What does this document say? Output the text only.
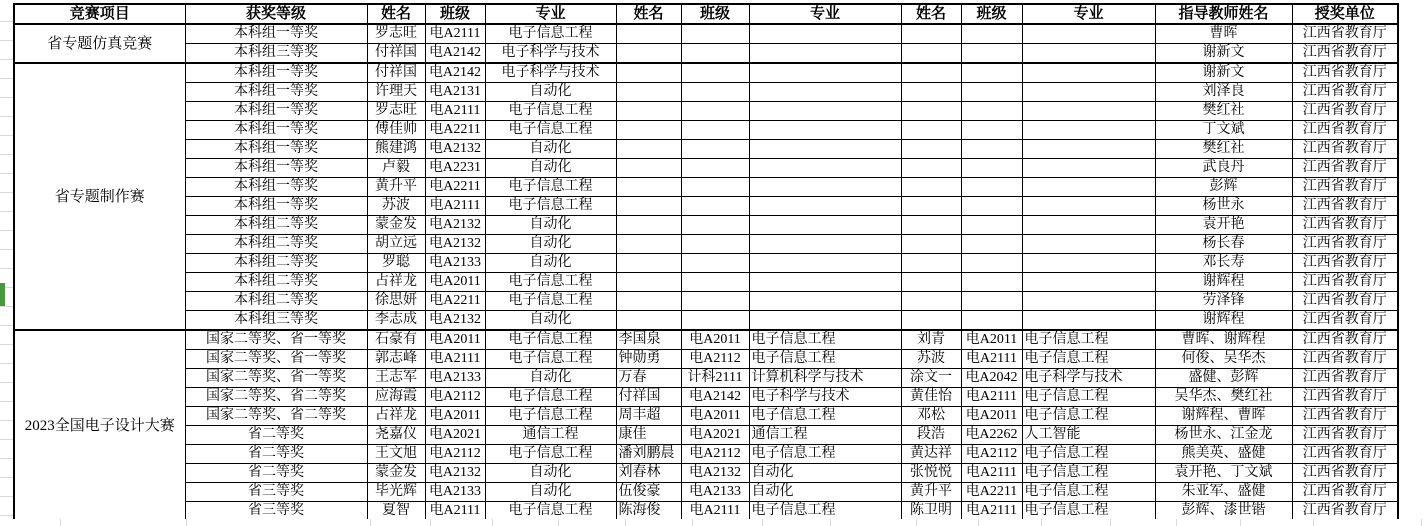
竞赛项目	获奖等级	姓名	班级	专业	姓名	班级	专业	姓名	班级	专业	指导教师姓名	授奖单位
省专题仿真竞赛	本科组一等奖	罗志旺	电A2111	电子信息工程							曹晖	江西省教育厅
	本科组三等奖	付祥国	电A2142	电子科学与技术							谢新文	江西省教育厅
省专题制作赛	本科组一等奖	付祥国	电A2142	电子科学与技术							谢新文	江西省教育厅
	本科组一等奖	许理天	电A2131	自动化							刘泽良	江西省教育厅
	本科组一等奖	罗志旺	电A2111	电子信息工程							樊红社	江西省教育厅
	本科组一等奖	傅佳帅	电A2211	电子信息工程							丁文斌	江西省教育厅
	本科组一等奖	熊建鸿	电A2132	自动化							樊红社	江西省教育厅
	本科组一等奖	卢毅	电A2231	自动化							武良丹	江西省教育厅
	本科组一等奖	黄升平	电A2211	电子信息工程							彭辉	江西省教育厅
	本科组一等奖	苏波	电A2111	电子信息工程							杨世永	江西省教育厅
	本科组二等奖	蒙金发	电A2132	自动化							袁开艳	江西省教育厅
	本科组二等奖	胡立远	电A2132	自动化							杨长春	江西省教育厅
	本科组二等奖	罗聪	电A2133	自动化							邓长寿	江西省教育厅
	本科组二等奖	占祥龙	电A2011	电子信息工程							谢辉程	江西省教育厅
	本科组二等奖	徐思妍	电A2211	电子信息工程							劳泽锋	江西省教育厅
	本科组三等奖	李志成	电A2132	自动化							谢辉程	江西省教育厅
2023全国电子设计大赛	国家二等奖、省一等奖	石豪有	电A2011	电子信息工程	李国泉	电A2011	电子信息工程	刘青	电A2011	电子信息工程	曹晖、谢辉程	江西省教育厅
	国家二等奖、省一等奖	郭志峰	电A2111	电子信息工程	钟勋勇	电A2112	电子信息工程	苏波	电A2111	电子信息工程	何俊、吴华杰	江西省教育厅
	国家二等奖、省一等奖	王志军	电A2133	自动化	万春	计科2111	计算机科学与技术	涂文一	电A2042	电子科学与技术	盛健、彭辉	江西省教育厅
	国家二等奖、省二等奖	应海霞	电A2112	电子信息工程	付祥国	电A2142	电子科学与技术	黄佳怡	电A2111	电子信息工程	吴华杰、樊红社	江西省教育厅
	国家二等奖、省二等奖	占祥龙	电A2011	电子信息工程	周丰超	电A2011	电子信息工程	邓松	电A2011	电子信息工程	谢辉程、曹晖	江西省教育厅
	省二等奖	尧嘉仪	电A2021	通信工程	康佳	电A2021	通信工程	段浩	电A2262	人工智能	杨世永、江金龙	江西省教育厅
	省二等奖	王文旭	电A2112	电子信息工程	潘刘鹏晨	电A2112	电子信息工程	黄达祥	电A2112	电子信息工程	熊美英、盛健	江西省教育厅
	省二等奖	蒙金发	电A2132	自动化	刘春林	电A2132	自动化	张悦悦	电A2111	电子信息工程	袁开艳、丁文斌	江西省教育厅
	省三等奖	毕光辉	电A2133	自动化	伍俊豪	电A2133	自动化	黄升平	电A2211	电子信息工程	朱亚军、盛健	江西省教育厅
	省三等奖	夏智	电A2111	电子信息工程	陈海俊	电A2111	电子信息工程	陈卫明	电A2111	电子信息工程	彭辉、漆世锴	江西省教育厅
